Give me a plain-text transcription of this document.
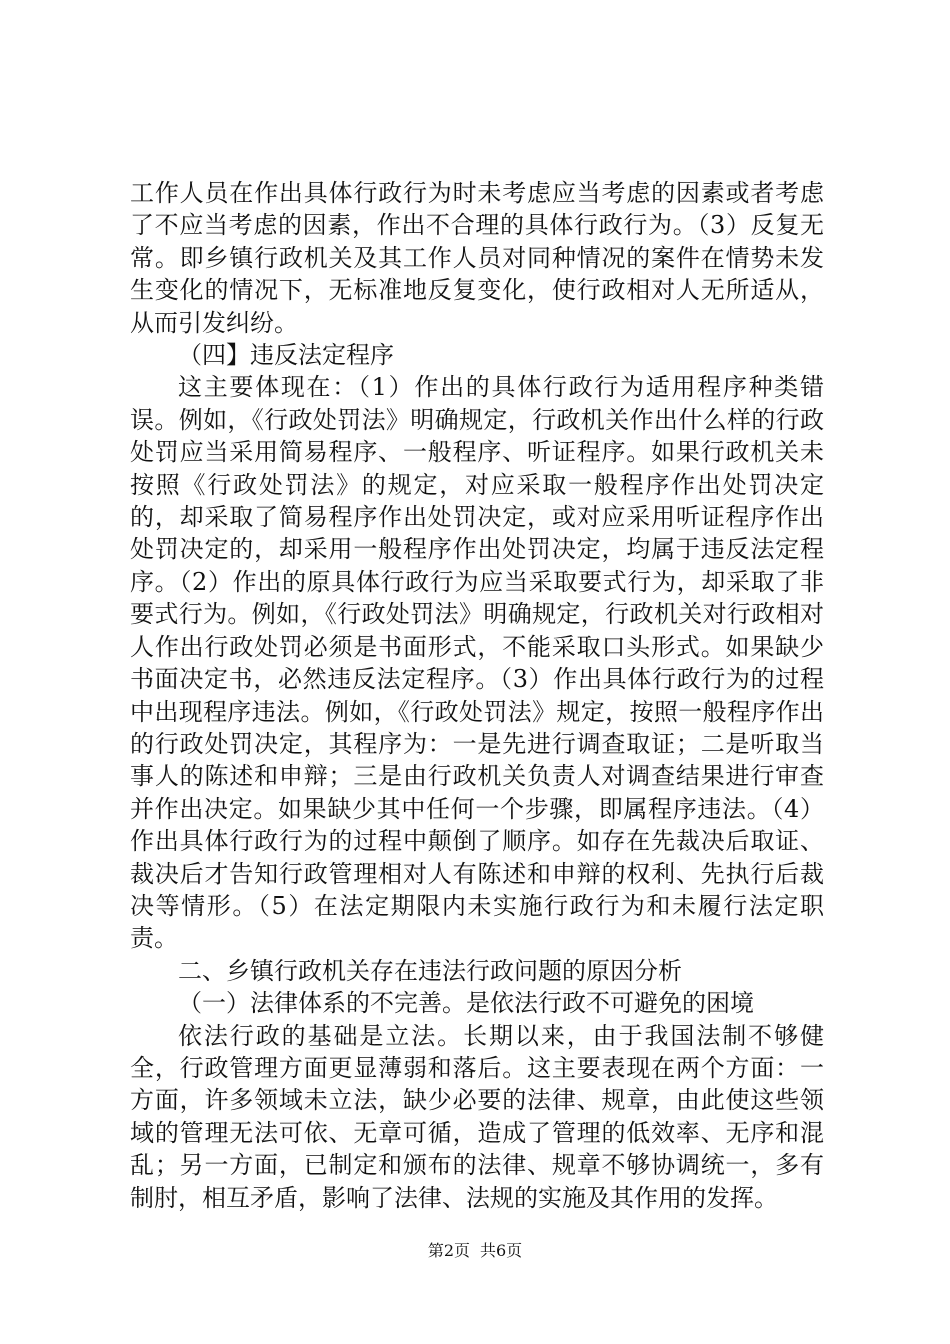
工作人员在作出具体行政行为时未考虑应当考虑的因素或者考虑了不应当考虑的因素，作出不合理的具体行政行为。（3）反复无常。即乡镇行政机关及其工作人员对同种情况的案件在情势未发生变化的情况下，无标准地反复变化，使行政相对人无所适从，从而引发纠纷。

（四】违反法定程序

这主要体现在：（1）作出的具体行政行为适用程序种类错误。例如，《行政处罚法》明确规定，行政机关作出什么样的行政处罚应当采用简易程序、一般程序、听证程序。如果行政机关未按照《行政处罚法》的规定，对应采取一般程序作出处罚决定的，却采取了简易程序作出处罚决定，或对应采用听证程序作出处罚决定的，却采用一般程序作出处罚决定，均属于违反法定程序。（2）作出的原具体行政行为应当采取要式行为，却采取了非要式行为。例如，《行政处罚法》明确规定，行政机关对行政相对人作出行政处罚必须是书面形式，不能采取口头形式。如果缺少书面决定书，必然违反法定程序。（3）作出具体行政行为的过程中出现程序违法。例如，《行政处罚法》规定，按照一般程序作出的行政处罚决定，其程序为：一是先进行调查取证；二是听取当事人的陈述和申辩；三是由行政机关负责人对调查结果进行审查并作出决定。如果缺少其中任何一个步骤，即属程序违法。（4）作出具体行政行为的过程中颠倒了顺序。如存在先裁决后取证、裁决后才告知行政管理相对人有陈述和申辩的权利、先执行后裁决等情形。（5）在法定期限内未实施行政行为和未履行法定职责。

二、乡镇行政机关存在违法行政问题的原因分析

（一）法律体系的不完善。是依法行政不可避免的困境

依法行政的基础是立法。长期以来，由于我国法制不够健全，行政管理方面更显薄弱和落后。这主要表现在两个方面：一方面，许多领域未立法，缺少必要的法律、规章，由此使这些领域的管理无法可依、无章可循，造成了管理的低效率、无序和混乱；另一方面，已制定和颁布的法律、规章不够协调统一，多有制肘，相互矛盾，影响了法律、法规的实施及其作用的发挥。

第2页 共6页
